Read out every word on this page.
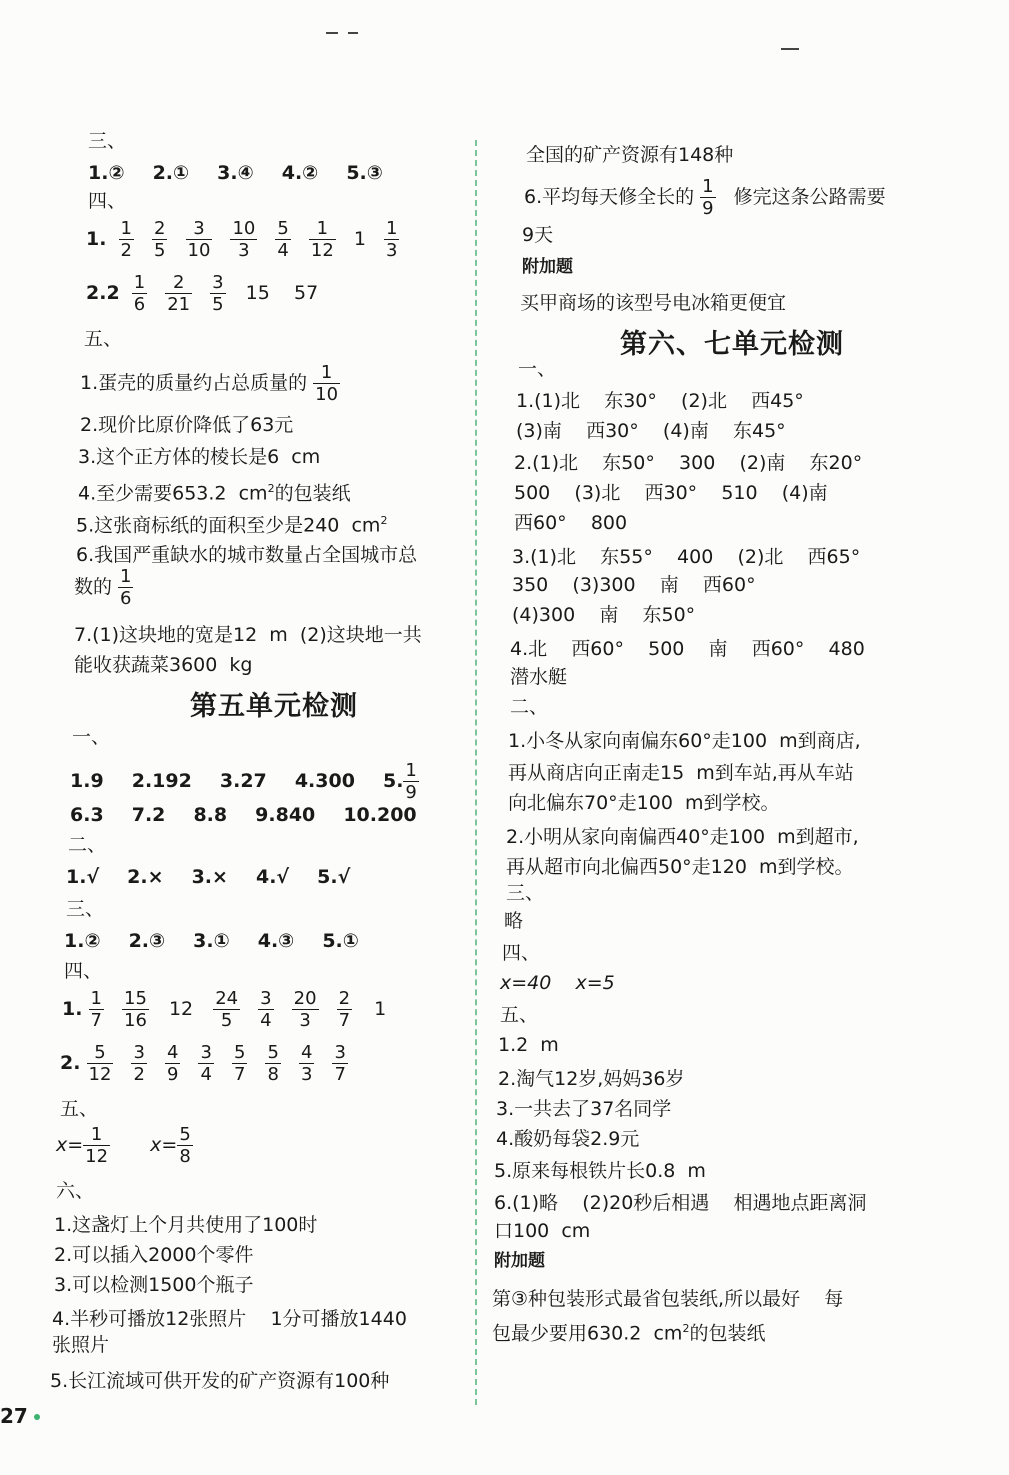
三、
1.② 2.① 3.④ 4.② 5.③
四、
1. $\frac{1}{2}$
$\frac{2}{5}$
$\frac{3}{10}$
$\frac{10}{3}$
$\frac{5}{4}$
$\frac{1}{12} 1 \frac{1}{3}$
$2.2 \frac{1}{6}$
$\frac{2}{21}$
$\frac{3}{5} 15$    57
五、
1.蛋壳的质量约占总质量的 $\frac{1}{10}$
2.现价比原价降低了63元
3.这个正方体的棱长是6  cm
4.至少需要653.2  $cm^2$的包装纸
5.这张商标纸的面积至少是240  $cm^2$
6.我国严重缺水的城市数量占全国城市总
数的 $\frac{1}{6}$
7.(1)这块地的宽是12  m  (2)这块地一共
能收获蔬菜3600  kg
第五单元检测
一、
1.9 2.192 3.27 4.300 5. $\frac{1}{9}$
6.3 7.2 8.8 9.840 10.200
二、
1.√ 2.× 3.× 4.√ 5.√
三、
1.② 2.③ 3.① 4.③ 5.①
四、
1. $\frac{1}{7}$
$\frac{15}{16} 12 \frac{24}{5}$
$\frac{3}{4}$
$\frac{20}{3}$
$\frac{2}{7} 1$
2. $\frac{5}{12}$
$\frac{3}{2}$
$\frac{4}{9}$
$\frac{3}{4}$
$\frac{5}{7}$
$\frac{5}{8}$
$\frac{4}{3}$
$\frac{3}{7}$
五、
$x= \frac{1}{12} x= \frac{5}{8}$
六、
1.这盏灯上个月共使用了100时
2.可以插入2000个零件
3.可以检测1500个瓶子
4.半秒可播放12张照片    1分可播放1440
张照片
5.长江流域可供开发的矿产资源有100种
全国的矿产资源有148种
6.平均每天修全长的 $\frac{1}{9}$ 修完这条公路需要
9天
附加题
买甲商场的该型号电冰箱更便宜
第六、七单元检测
一、
1.(1)北    东30°    (2)北    西45°
(3)南    西30°    (4)南    东45°
2.(1)北    东50°    300    (2)南    东20°
500    (3)北    西30°    510    (4)南
西60°    800
3.(1)北    东55°    400    (2)北    西65°
350    (3)300    南    西60°
(4)300    南    东50°
4.北    西60°    500    南    西60°    480
潜水艇
二、
1.小冬从家向南偏东60°走100  m到商店,
再从商店向正南走15  m到车站,再从车站
向北偏东70°走100  m到学校。
2.小明从家向南偏西40°走100  m到超市,
再从超市向北偏西50°走120  m到学校。
三、
略
四、
x=40    x=5
五、
1.2  m
2.淘气12岁,妈妈36岁
3.一共去了37名同学
4.酸奶每袋2.9元
5.原来每根铁片长0.8  m
6.(1)略    (2)20秒后相遇    相遇地点距离洞
口100  cm
附加题
第③种包装形式最省包装纸,所以最好    每
包最少要用630.2  $cm^2$的包装纸
27
